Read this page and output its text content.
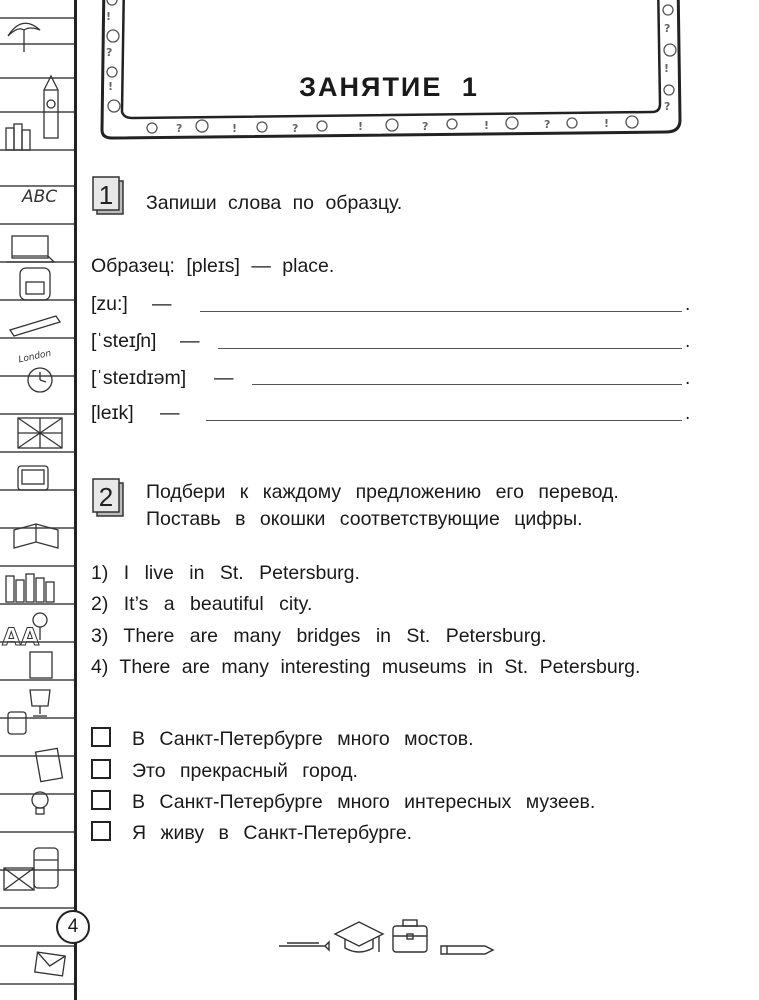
ABC
London
AA
!
?
!
?	!	?	!	?	!	?	!
?
!
?
ЗАНЯТИЕ 1
1	Запиши слова по образцу.
Образец: [pleɪs] — place.
[zu:] —	.
[ˈsteɪʃn] —	.
[ˈsteɪdɪəm] —	.
[leɪk] —	.
2	Подбери к каждому предложению его перевод.
Поставь в окошки соответствующие цифры.
1) I live in St. Petersburg.
2) It’s a beautiful city.
3) There are many bridges in St. Petersburg.
4) There are many interesting museums in St. Petersburg.
В Санкт-Петербурге много мостов.
Это прекрасный город.
В Санкт-Петербурге много интересных музеев.
Я живу в Санкт-Петербурге.
4
